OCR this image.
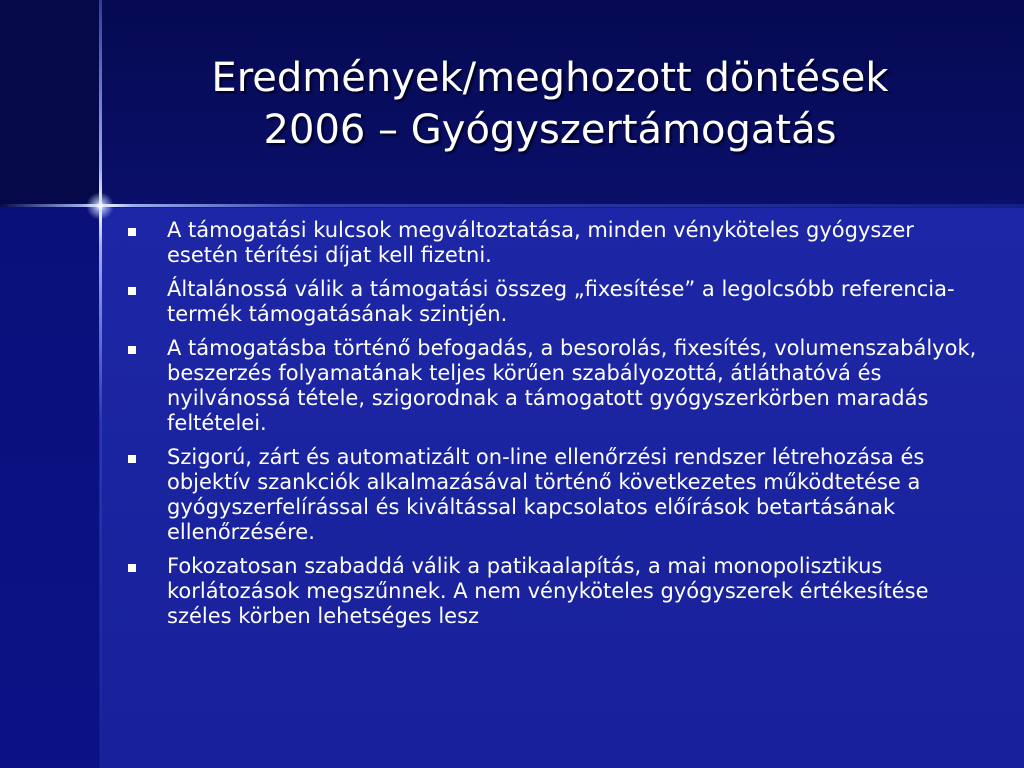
Eredmények/meghozott döntések
2006 – Gyógyszertámogatás
A támogatási kulcsok megváltoztatása, minden vényköteles gyógyszer esetén térítési díjat kell fizetni.
Általánossá válik a támogatási összeg „fixesítése” a legolcsóbb referencia-termék támogatásának szintjén.
A támogatásba történő befogadás, a besorolás, fixesítés, volumenszabályok, beszerzés folyamatának teljes körűen szabályozottá, átláthatóvá és nyilvánossá tétele, szigorodnak a támogatott gyógyszerkörben maradás feltételei.
Szigorú, zárt és automatizált on-line ellenőrzési rendszer létrehozása és objektív szankciók alkalmazásával történő következetes működtetése a gyógyszerfelírással és kiváltással kapcsolatos előírások betartásának ellenőrzésére.
Fokozatosan szabaddá válik a patikaalapítás, a mai monopolisztikus korlátozások megszűnnek. A nem vényköteles gyógyszerek értékesítése széles körben lehetséges lesz
